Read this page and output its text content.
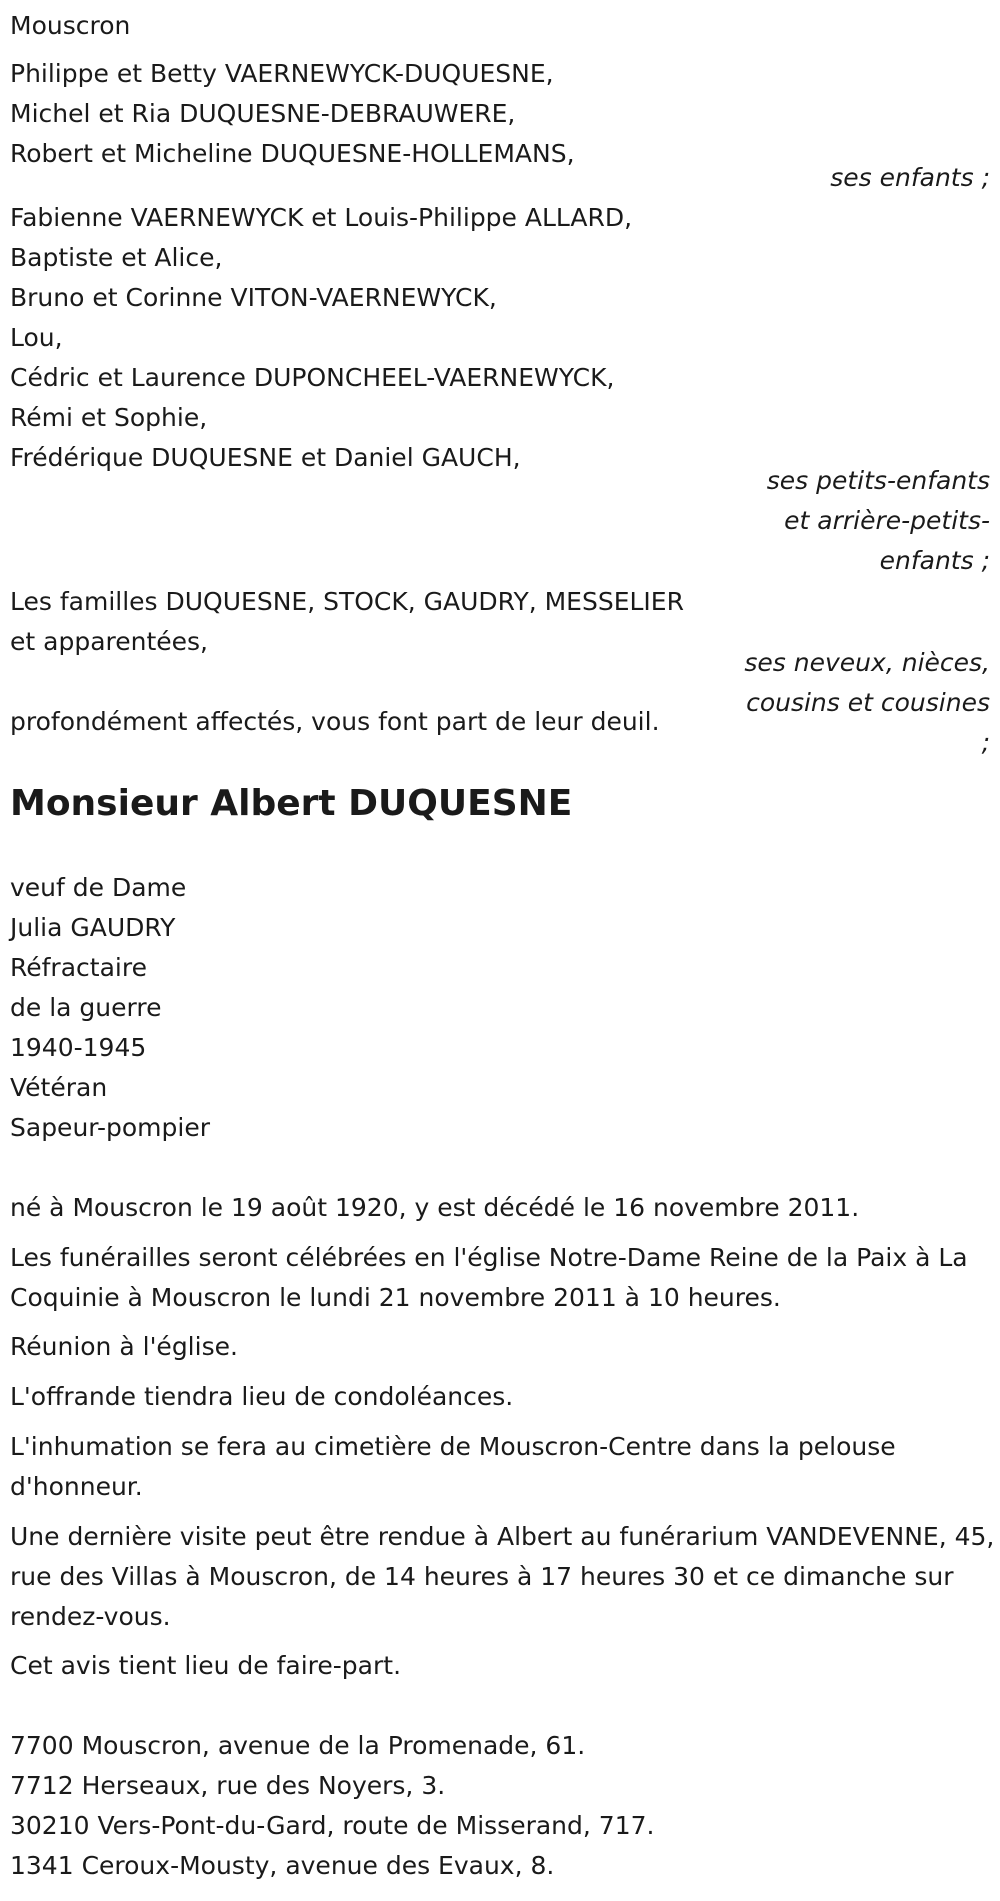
Mouscron
Philippe et Betty VAERNEWYCK-DUQUESNE,
Michel et Ria DUQUESNE-DEBRAUWERE,
Robert et Micheline DUQUESNE-HOLLEMANS,
ses enfants ;
Fabienne VAERNEWYCK et Louis-Philippe ALLARD,
Baptiste et Alice,
Bruno et Corinne VITON-VAERNEWYCK,
Lou,
Cédric et Laurence DUPONCHEEL-VAERNEWYCK,
Rémi et Sophie,
Frédérique DUQUESNE et Daniel GAUCH,
ses petits-enfants et arrière-petits-enfants ;
Les familles DUQUESNE, STOCK, GAUDRY, MESSELIER
et apparentées,
ses neveux, nièces, cousins et cousines ;
profondément affectés, vous font part de leur deuil.
Monsieur Albert DUQUESNE
veuf de Dame
Julia GAUDRY
Réfractaire
de la guerre
1940-1945
Vétéran
Sapeur-pompier
né à Mouscron le 19 août 1920, y est décédé le 16 novembre 2011.
Les funérailles seront célébrées en l'église Notre-Dame Reine de la Paix à La Coquinie à Mouscron le lundi 21 novembre 2011 à 10 heures.
Réunion à l'église.
L'offrande tiendra lieu de condoléances.
L'inhumation se fera au cimetière de Mouscron-Centre dans la pelouse d'honneur.
Une dernière visite peut être rendue à Albert au funérarium VANDEVENNE, 45, rue des Villas à Mouscron, de 14 heures à 17 heures 30 et ce dimanche sur rendez-vous.
Cet avis tient lieu de faire-part.
7700 Mouscron, avenue de la Promenade, 61.
7712 Herseaux, rue des Noyers, 3.
30210 Vers-Pont-du-Gard, route de Misserand, 717.
1341 Ceroux-Mousty, avenue des Evaux, 8.
